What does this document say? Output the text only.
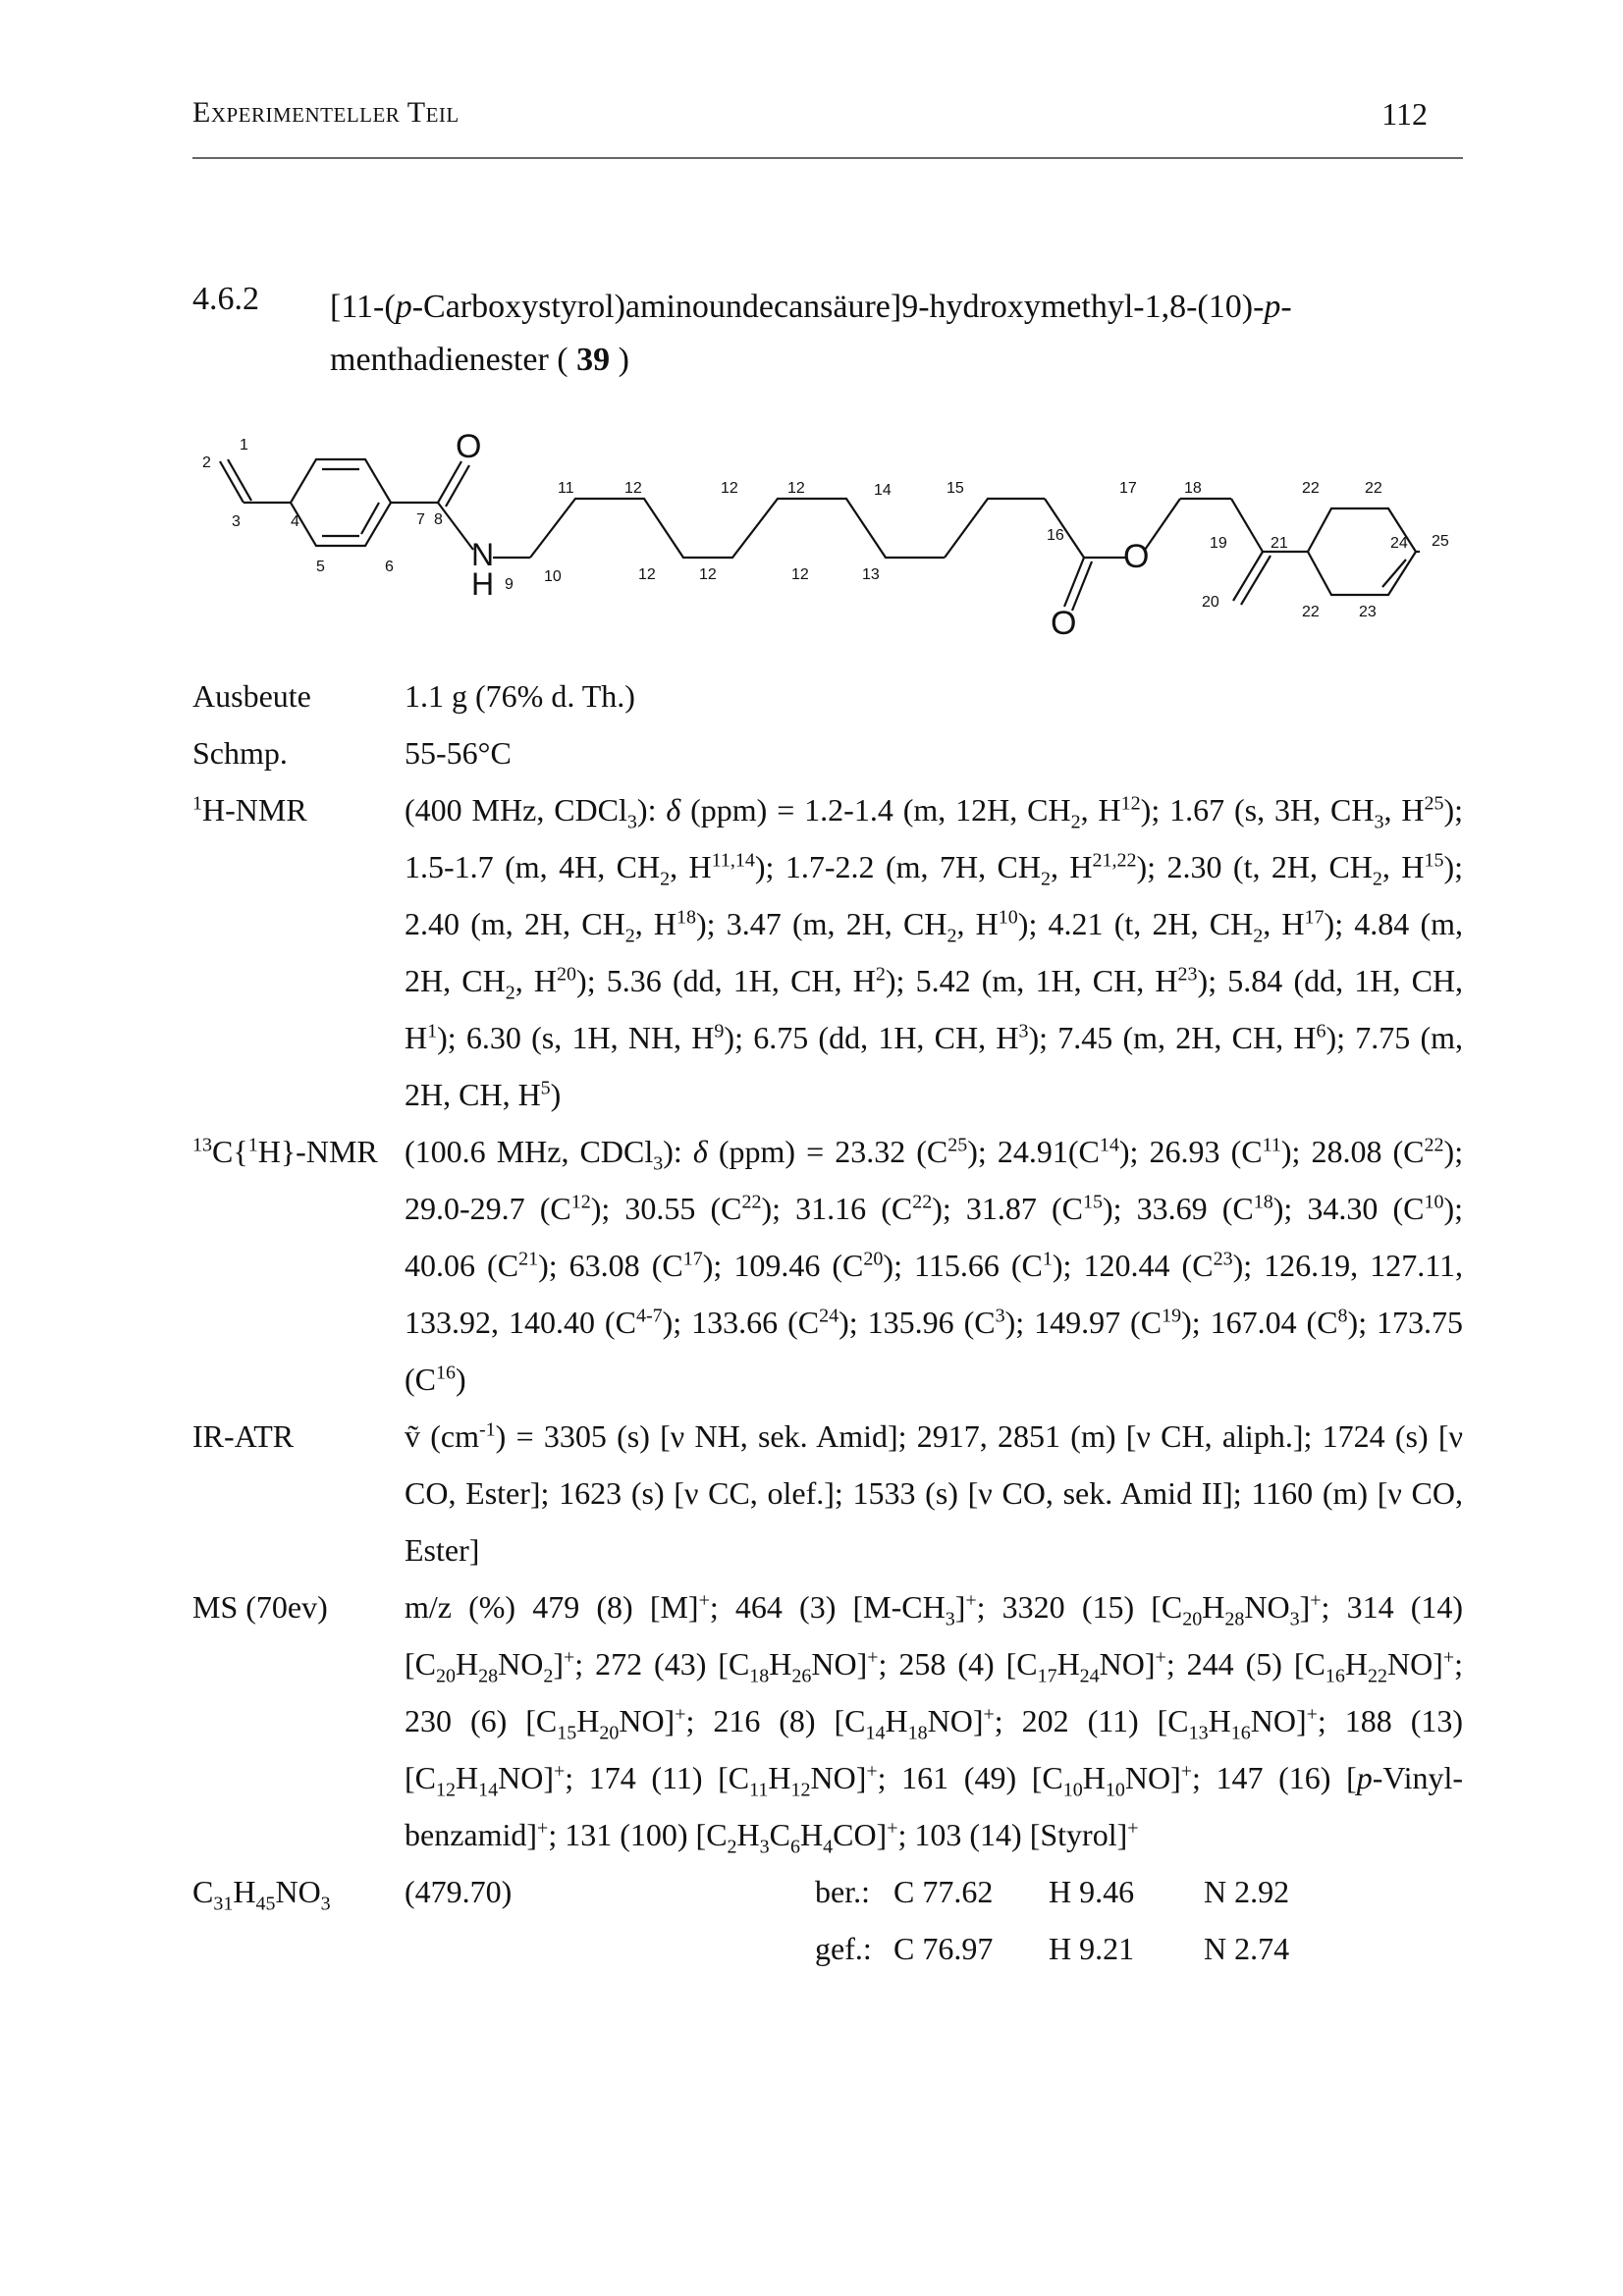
Experimenteller Teil	112
4.6.2 [11-(p-Carboxystyrol)aminoundecansäure]9-hydroxymethyl-1,8-(10)-p-menthadienester ( 39 )
O
N
H
O
O
1
2
3	4
5	6
7 8
9 10
11	12
12	12
12	12
12	13
14	15
16
17	18
19
20
21
22	22
22	23
24 25
Ausbeute	1.1 g (76% d. Th.)
Schmp.	55-56°C
$^1$H-NMR	(400 MHz, CDCl$_3$): δ (ppm) = 1.2-1.4 (m, 12H, $CH_2$, $H^{12}$); 1.67 (s, 3H, $CH_3$, $H^{25}$); 1.5-1.7 (m, 4H, $CH_2$, H$^{11,14}$); 1.7-2.2 (m, 7H, $CH_2$, H$^{21,22}$); 2.30 (t, 2H, $CH_2$, $H^{15}$); 2.40 (m, 2H, $CH_2$, $H^{18}$); 3.47 (m, 2H, $CH_2$, $H^{10}$); 4.21 (t, 2H, $CH_2$, $H^{17}$); 4.84 (m, 2H, $CH_2$, $H^{20}$); 5.36 (dd, 1H, CH, $H^2$); 5.42 (m, 1H, CH, $H^{23}$); 5.84 (dd, 1H, CH, $H^1$); 6.30 (s, 1H, NH, $H^9$); 6.75 (dd, 1H, CH, $H^3$); 7.45 (m, 2H, CH, $H^6$); 7.75 (m, 2H, CH, $H^5$)
$^{13}$C{$^1$H}-NMR (100.6 MHz, CDCl$_3$): δ (ppm) = 23.32 $(C^{25})$; $24.91(C^{14})$; 26.93 $(C^{11})$; 28.08 $(C^{22})$; 29.0-29.7 $(C^{12})$; 30.55 $(C^{22})$; 31.16 $(C^{22})$; 31.87 $(C^{15})$; 33.69 $(C^{18})$; 34.30 $(C^{10})$; 40.06 $(C^{21})$; 63.08 $(C^{17})$; 109.46 $(C^{20})$; 115.66 $(C^1)$; 120.44 $(C^{23})$; 126.19, 127.11, 133.92, 140.40 $(C^{4-7})$; 133.66 $(C^{24})$; 135.96 $(C^3)$; 149.97 $(C^{19})$; 167.04 $(C^8)$; 173.75 $(C^{16})$
IR-ATR	ṽ $(cm^{-1}) = 3305$ (s) [ν NH, sek. Amid]; 2917, 2851 (m) [ν CH, aliph.]; 1724 (s) [ν CO, Ester]; 1623 (s) [ν CC, olef.]; 1533 (s) [ν CO, sek. Amid II]; 1160 (m) [ν CO, Ester]
MS (70ev)	m/z (%) 479 (8) [M]+; 464 (3) $[M-CH_3]^+$; 3320 (15) $[C_{20}H_{28}NO_3]^+$; 314 (14) $[C_{20}H_{28}NO_2]^+$; 272 (43) $[C_{18}H_{26}NO]^+$; 258 (4) $[C_{17}H_{24}NO]^+$; 244 (5) $[C_{16}H_{22}NO]^+$; 230 (6) $[C_{15}H_{20}NO]^+$; 216 (8) $[C_{14}H_{18}NO]^+$; 202 (11) $[C_{13}H_{16}NO]^+$; 188 (13) $[C_{12}H_{14}NO]^+$; 174 (11) $[C_{11}H_{12}NO]^+$; 161 (49) $[C_{10}H_{10}NO]^+$; 147 (16) [p-Vinyl-benzamid]+; 131 (100) $[C_2H_3C_6H_4CO]^+$; 103 (14) [Styrol]+
$C_{31}H_{45}NO_3$	(479.70)	ber.: C 77.62	H 9.46	N 2.92
gef.: C 76.97	H 9.21	N 2.74
